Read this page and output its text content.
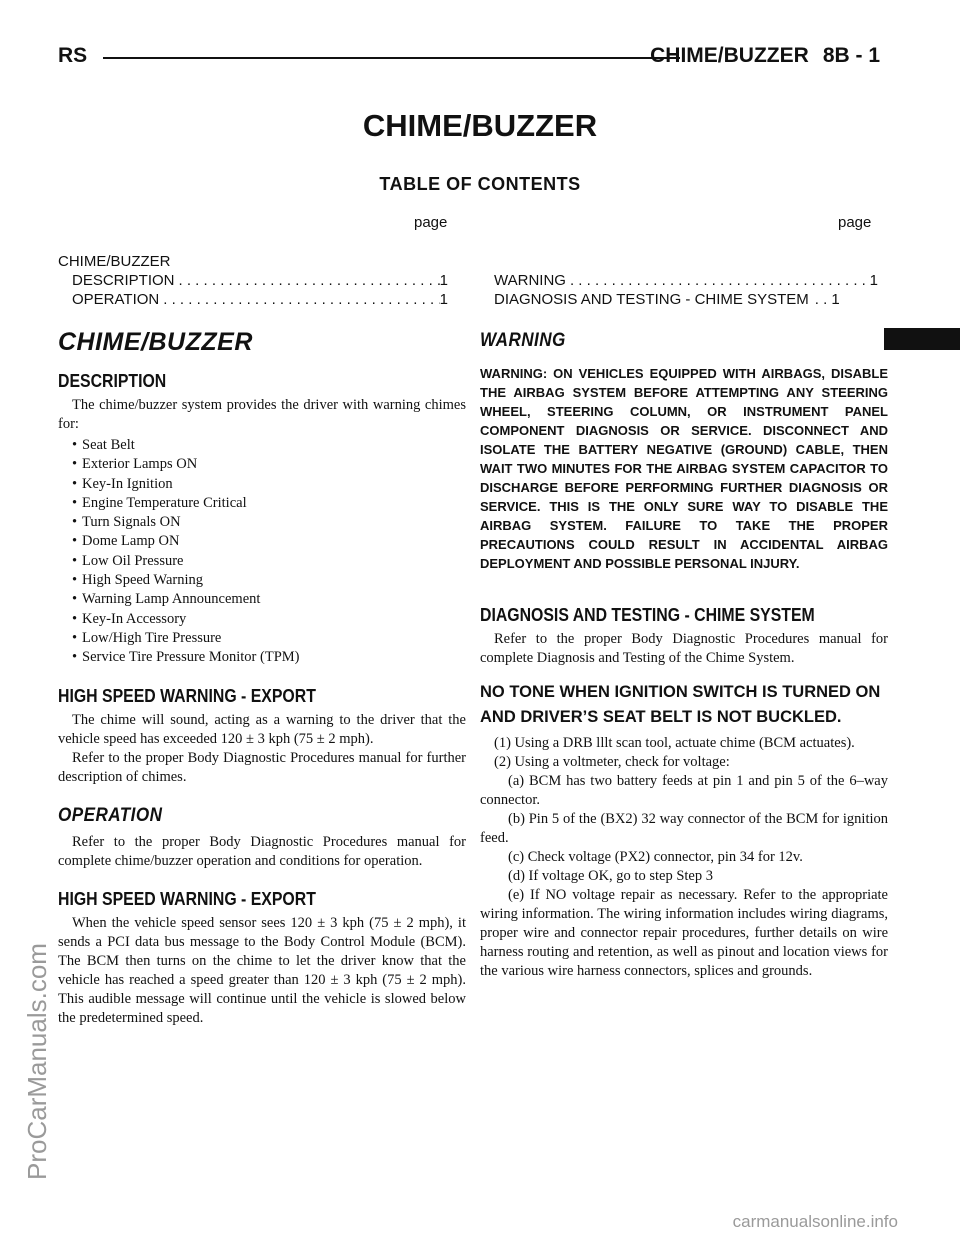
RS	CHIME/BUZZER 8B - 1
CHIME/BUZZER
TABLE OF CONTENTS
page	page
CHIME/BUZZER
DESCRIPTION . . .	1
OPERATION . . .	1
WARNING . . .	1
DIAGNOSIS AND TESTING - CHIME SYSTEM . . 1
CHIME/BUZZER
DESCRIPTION

The chime/buzzer system provides the driver with warning chimes for:

• Seat Belt
• Exterior Lamps ON
• Key-In Ignition
• Engine Temperature Critical
• Turn Signals ON
• Dome Lamp ON
• Low Oil Pressure
• High Speed Warning
• Warning Lamp Announcement
• Key-In Accessory
• Low/High Tire Pressure
• Service Tire Pressure Monitor (TPM)
HIGH SPEED WARNING - EXPORT

The chime will sound, acting as a warning to the driver that the vehicle speed has exceeded 120 ± 3 kph (75 ± 2 mph).

Refer to the proper Body Diagnostic Procedures manual for further description of chimes.

OPERATION

Refer to the proper Body Diagnostic Procedures manual for complete chime/buzzer operation and conditions for operation.

HIGH SPEED WARNING - EXPORT

When the vehicle speed sensor sees 120 ± 3 kph (75 ± 2 mph), it sends a PCI data bus message to the Body Control Module (BCM). The BCM then turns on the chime to let the driver know that the vehicle has reached a speed greater than 120 ± 3 kph (75 ± 2 mph). This audible message will continue until the vehicle is slowed below the predetermined speed.

WARNING
WARNING: ON VEHICLES EQUIPPED WITH AIRBAGS, DISABLE THE AIRBAG SYSTEM BEFORE ATTEMPTING ANY STEERING WHEEL, STEERING COLUMN, OR INSTRUMENT PANEL COMPONENT DIAGNOSIS OR SERVICE. DISCONNECT AND ISOLATE THE BATTERY NEGATIVE (GROUND) CABLE, THEN WAIT TWO MINUTES FOR THE AIRBAG SYSTEM CAPACITOR TO DISCHARGE BEFORE PERFORMING FURTHER DIAGNOSIS OR SERVICE. THIS IS THE ONLY SURE WAY TO DISABLE THE AIRBAG SYSTEM. FAILURE TO TAKE THE PROPER PRECAUTIONS COULD RESULT IN ACCIDENTAL AIRBAG DEPLOYMENT AND POSSIBLE PERSONAL INJURY.
DIAGNOSIS AND TESTING - CHIME SYSTEM

Refer to the proper Body Diagnostic Procedures manual for complete Diagnosis and Testing of the Chime System.

NO TONE WHEN IGNITION SWITCH IS TURNED ON AND DRIVER’S SEAT BELT IS NOT BUCKLED.

(1) Using a DRB lllt scan tool, actuate chime (BCM actuates).

(2) Using a voltmeter, check for voltage:

(a) BCM has two battery feeds at pin 1 and pin 5 of the 6–way connector.

(b) Pin 5 of the (BX2) 32 way connector of the BCM for ignition feed.

(c) Check voltage (PX2) connector, pin 34 for 12v.

(d) If voltage OK, go to step Step 3

(e) If NO voltage repair as necessary. Refer to the appropriate wiring information. The wiring information includes wiring diagrams, proper wire and connector repair procedures, further details on wire harness routing and retention, as well as pinout and location views for the various wire harness connectors, splices and grounds.

ProCarManuals.com
carmanualsonline.info
